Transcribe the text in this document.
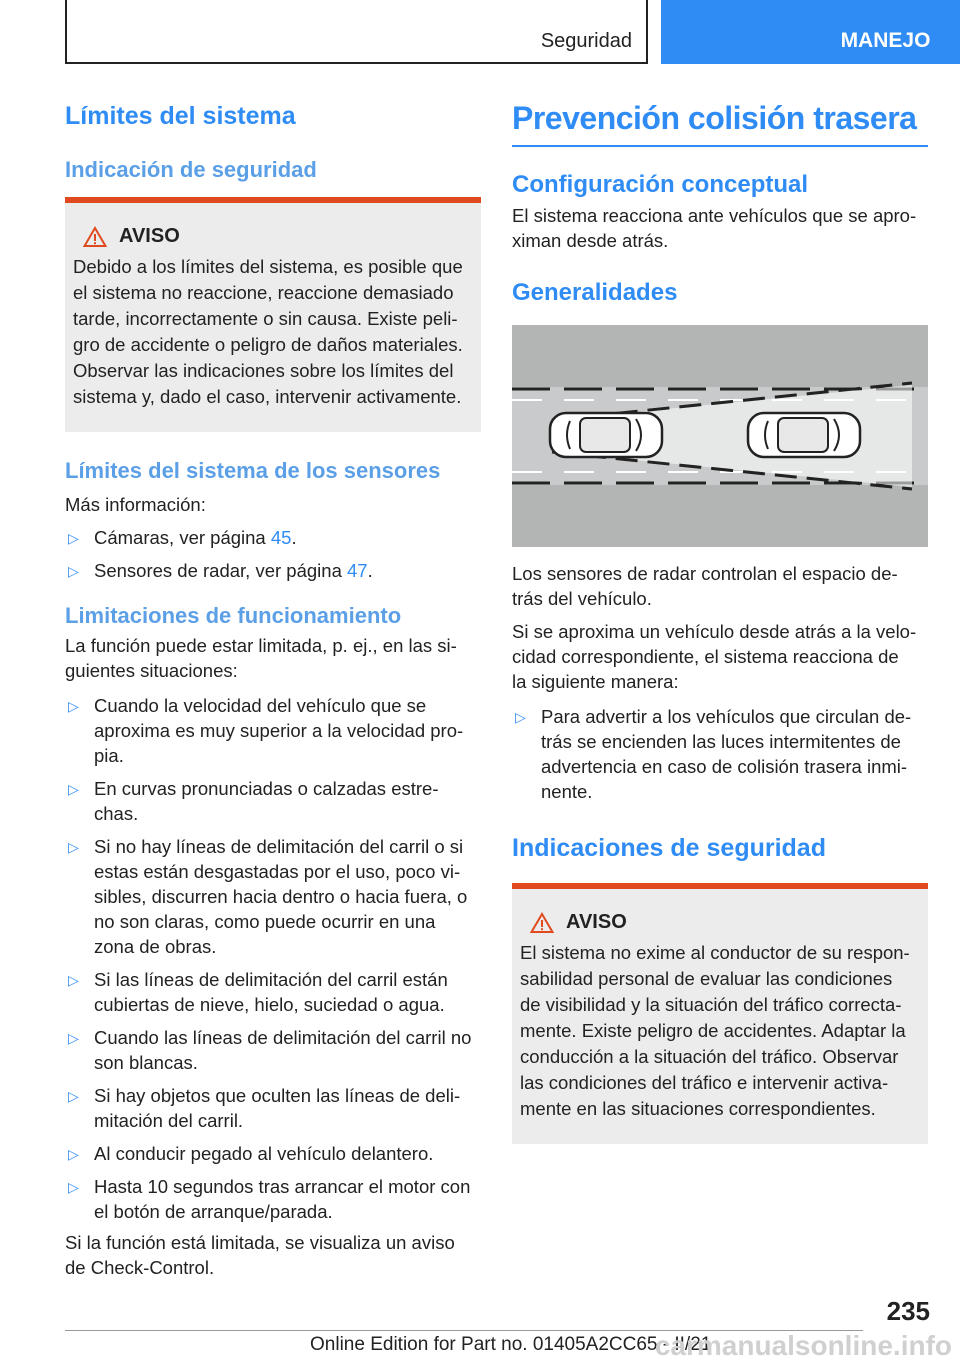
Seguridad	MANEJO
Límites del sistema
Indicación de seguridad
AVISO

Debido a los límites del sistema, es posible que

el sistema no reaccione, reaccione demasiado

tarde, incorrectamente o sin causa. Existe peli-

gro de accidente o peligro de daños materiales.

Observar las indicaciones sobre los límites del

sistema y, dado el caso, intervenir activamente.

Límites del sistema de los sensores

Más información:

▷ Cámaras, ver página 45.
▷ Sensores de radar, ver página 47.
Limitaciones de funcionamiento

La función puede estar limitada, p. ej., en las si-

guientes situaciones:

▷ Cuando la velocidad del vehículo que se
aproxima es muy superior a la velocidad pro-
pia.
▷ En curvas pronunciadas o calzadas estre-
chas.
▷ Si no hay líneas de delimitación del carril o si
estas están desgastadas por el uso, poco vi-
sibles, discurren hacia dentro o hacia fuera, o
no son claras, como puede ocurrir en una
zona de obras.
▷ Si las líneas de delimitación del carril están
cubiertas de nieve, hielo, suciedad o agua.
▷ Cuando las líneas de delimitación del carril no
son blancas.
▷ Si hay objetos que oculten las líneas de deli-
mitación del carril.
▷ Al conducir pegado al vehículo delantero.
▷ Hasta 10 segundos tras arrancar el motor con
el botón de arranque/parada.

Si la función está limitada, se visualiza un aviso

de Check-Control.

Prevención colisión trasera
Configuración conceptual

El sistema reacciona ante vehículos que se apro-

ximan desde atrás.

Generalidades

Los sensores de radar controlan el espacio de-

trás del vehículo.

Si se aproxima un vehículo desde atrás a la velo-

cidad correspondiente, el sistema reacciona de

la siguiente manera:

▷ Para advertir a los vehículos que circulan de-
trás se encienden las luces intermitentes de
advertencia en caso de colisión trasera inmi-
nente.
Indicaciones de seguridad
AVISO

El sistema no exime al conductor de su respon-

sabilidad personal de evaluar las condiciones

de visibilidad y la situación del tráfico correcta-

mente. Existe peligro de accidentes. Adaptar la

conducción a la situación del tráfico. Observar

las condiciones del tráfico e intervenir activa-

mente en las situaciones correspondientes.

235
Online Edition for Part no. 01405A2CC65 - II/21
carmanualsonline.info
